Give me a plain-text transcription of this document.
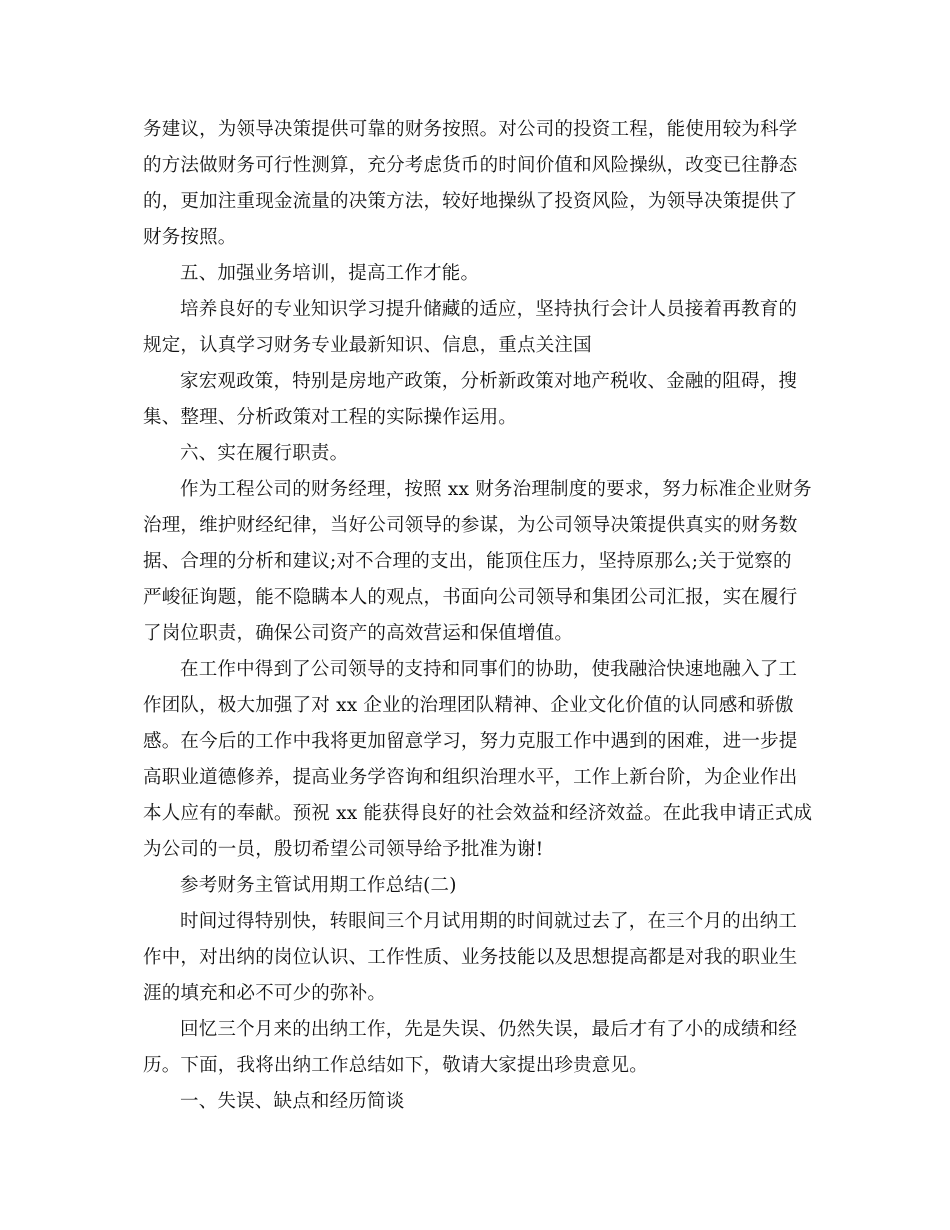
务建议，为领导决策提供可靠的财务按照。对公司的投资工程，能使用较为科学
的方法做财务可行性测算，充分考虑货币的时间价值和风险操纵，改变已往静态
的，更加注重现金流量的决策方法，较好地操纵了投资风险，为领导决策提供了
财务按照。
五、加强业务培训，提高工作才能。
培养良好的专业知识学习提升储藏的适应，坚持执行会计人员接着再教育的
规定，认真学习财务专业最新知识、信息，重点关注国
家宏观政策，特别是房地产政策，分析新政策对地产税收、金融的阻碍，搜
集、整理、分析政策对工程的实际操作运用。
六、实在履行职责。
作为工程公司的财务经理，按照 xx 财务治理制度的要求，努力标准企业财务
治理，维护财经纪律，当好公司领导的参谋，为公司领导决策提供真实的财务数
据、合理的分析和建议;对不合理的支出，能顶住压力，坚持原那么;关于觉察的
严峻征询题，能不隐瞒本人的观点，书面向公司领导和集团公司汇报，实在履行
了岗位职责，确保公司资产的高效营运和保值增值。
在工作中得到了公司领导的支持和同事们的协助，使我融洽快速地融入了工
作团队，极大加强了对 xx 企业的治理团队精神、企业文化价值的认同感和骄傲
感。在今后的工作中我将更加留意学习，努力克服工作中遇到的困难，进一步提
高职业道德修养，提高业务学咨询和组织治理水平，工作上新台阶，为企业作出
本人应有的奉献。预祝 xx 能获得良好的社会效益和经济效益。在此我申请正式成
为公司的一员，殷切希望公司领导给予批准为谢!
参考财务主管试用期工作总结(二)
时间过得特别快，转眼间三个月试用期的时间就过去了，在三个月的出纳工
作中，对出纳的岗位认识、工作性质、业务技能以及思想提高都是对我的职业生
涯的填充和必不可少的弥补。
回忆三个月来的出纳工作，先是失误、仍然失误，最后才有了小的成绩和经
历。下面，我将出纳工作总结如下，敬请大家提出珍贵意见。
一、失误、缺点和经历简谈
